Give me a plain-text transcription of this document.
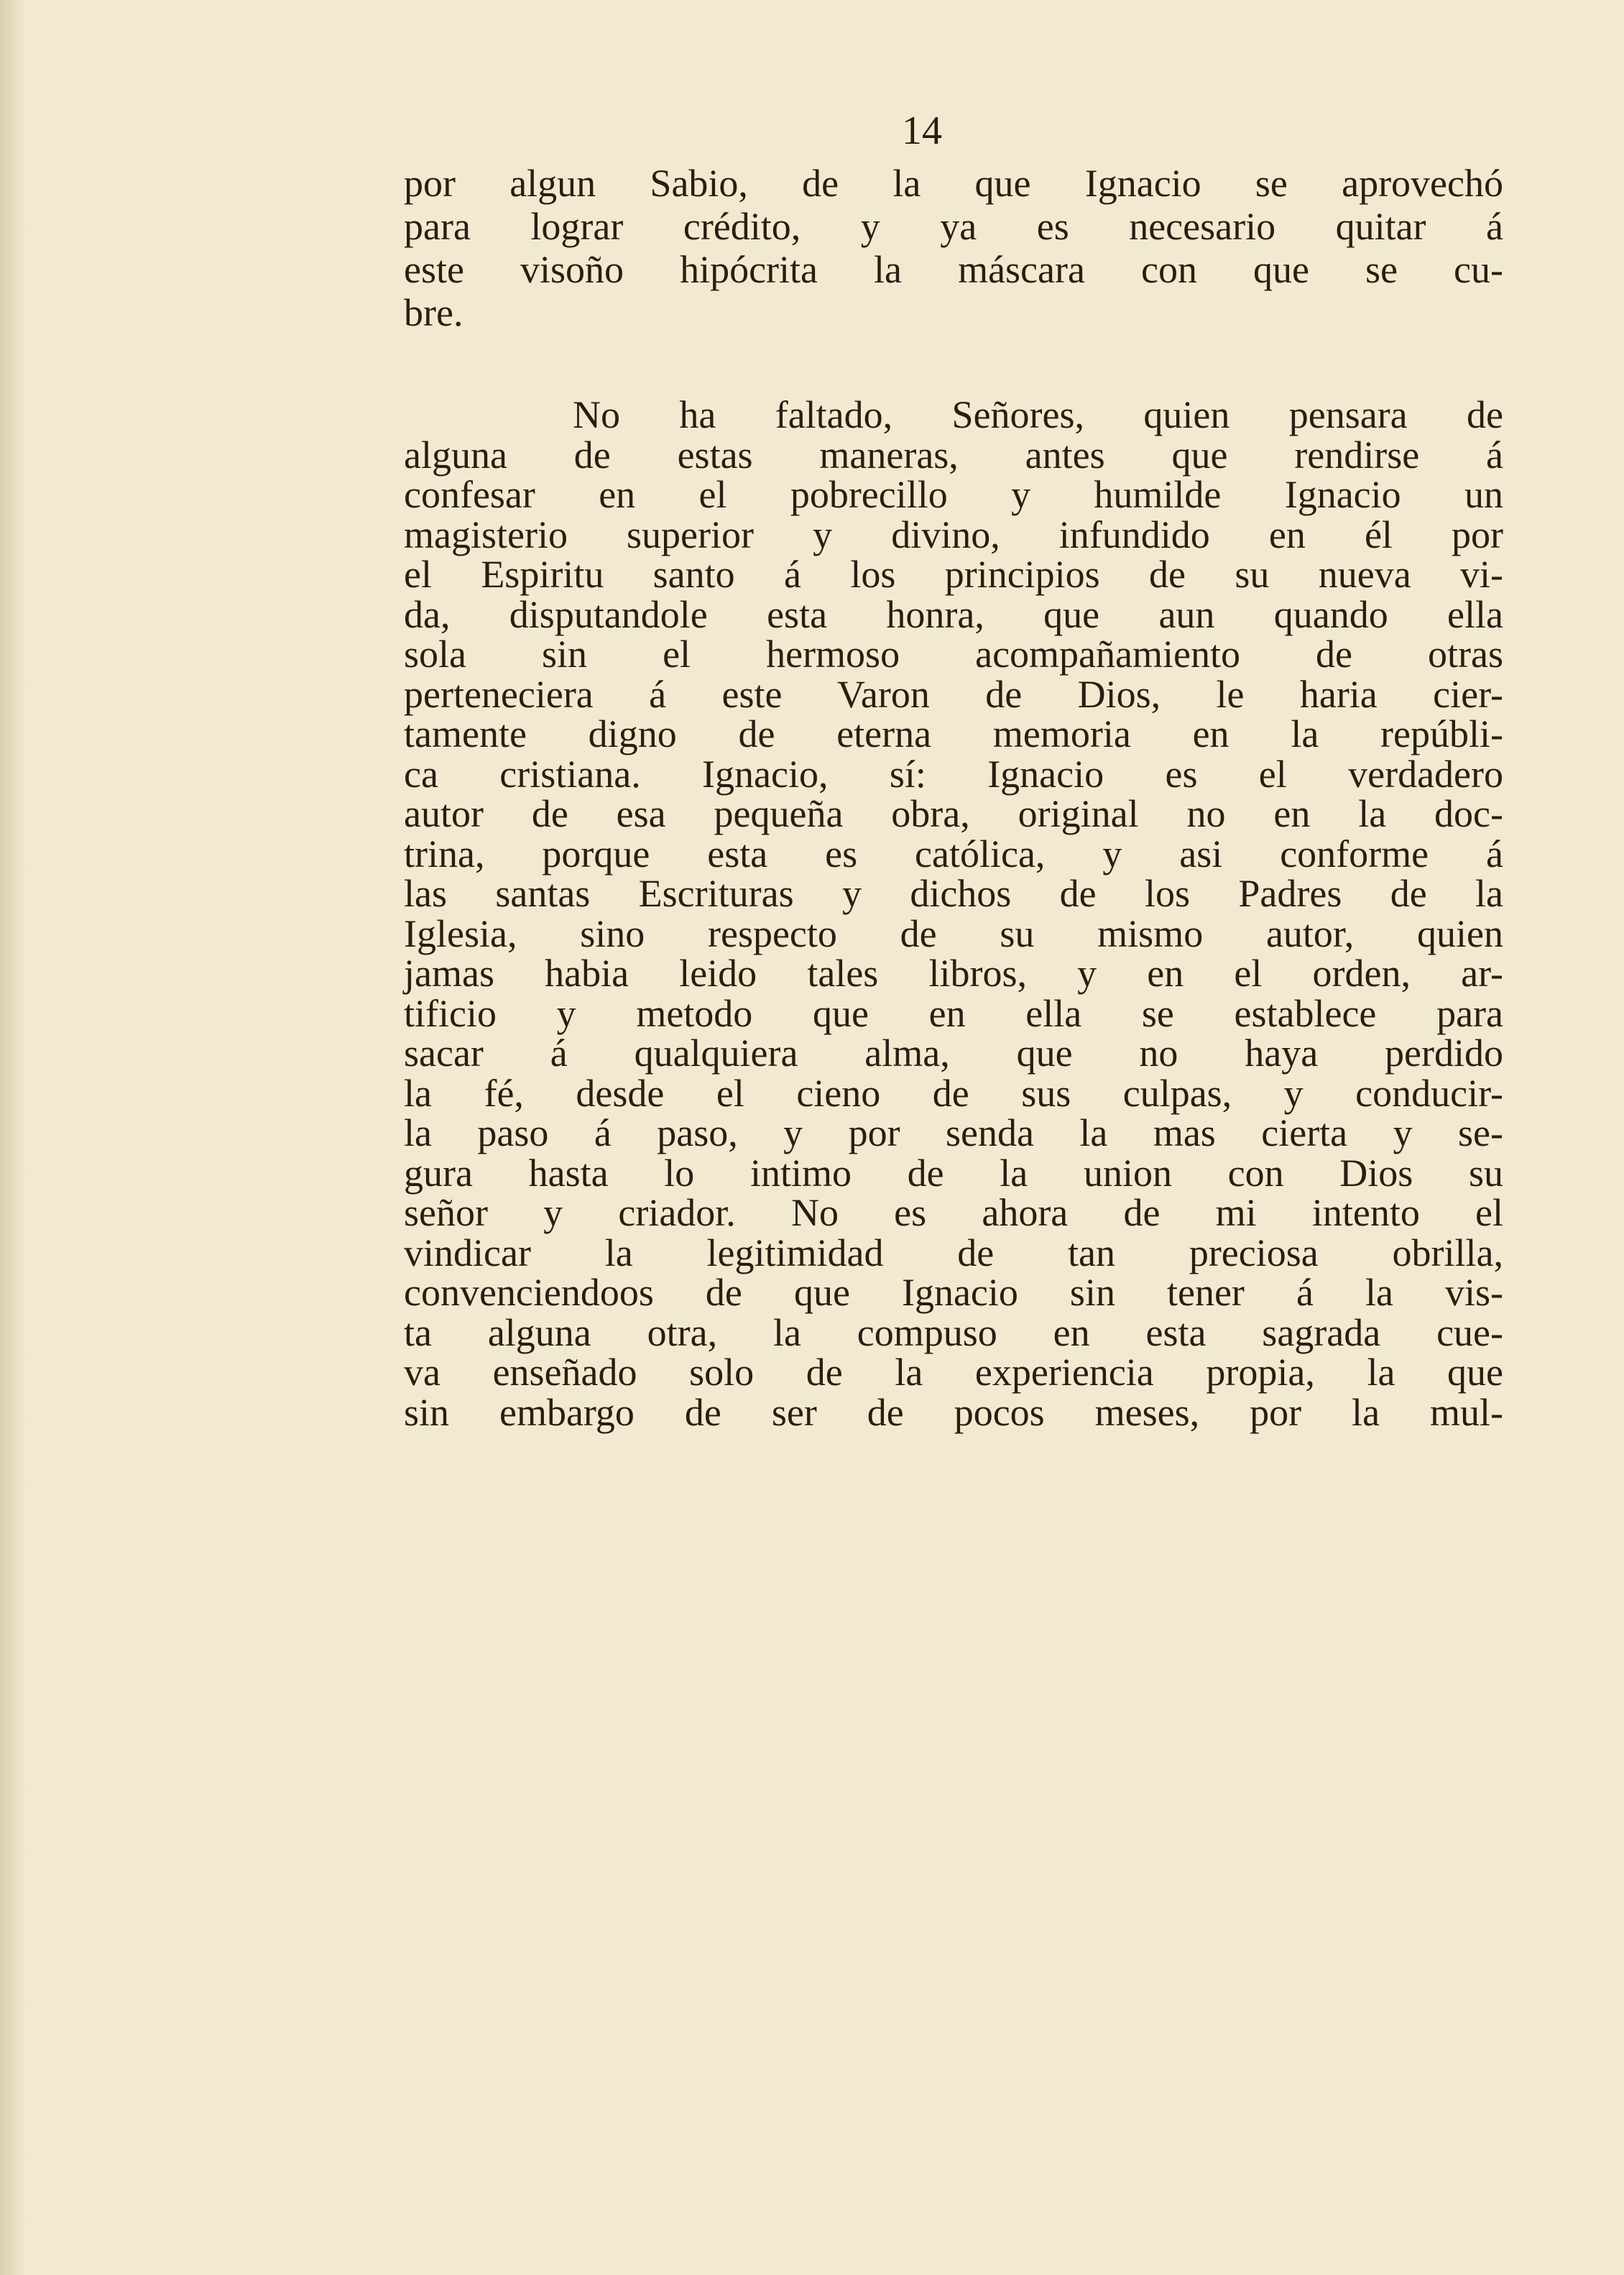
14
por algun Sabio, de la que Ignacio se aprovechó
para lograr crédito, y ya es necesario quitar á
este visoño hipócrita la máscara con que se cu-
bre.
No ha faltado, Señores, quien pensara de
alguna de estas maneras, antes que rendirse á
confesar en el pobrecillo y humilde Ignacio un
magisterio superior y divino, infundido en él por
el Espiritu santo á los principios de su nueva vi-
da, disputandole esta honra, que aun quando ella
sola sin el hermoso acompañamiento de otras
perteneciera á este Varon de Dios, le haria cier-
tamente digno de eterna memoria en la repúbli-
ca cristiana. Ignacio, sí: Ignacio es el verdadero
autor de esa pequeña obra, original no en la doc-
trina, porque esta es católica, y asi conforme á
las santas Escrituras y dichos de los Padres de la
Iglesia, sino respecto de su mismo autor, quien
jamas habia leido tales libros, y en el orden, ar-
tificio y metodo que en ella se establece para
sacar á qualquiera alma, que no haya perdido
la fé, desde el cieno de sus culpas, y conducir-
la paso á paso, y por senda la mas cierta y se-
gura hasta lo intimo de la union con Dios su
señor y criador. No es ahora de mi intento el
vindicar la legitimidad de tan preciosa obrilla,
convenciendoos de que Ignacio sin tener á la vis-
ta alguna otra, la compuso en esta sagrada cue-
va enseñado solo de la experiencia propia, la que
sin embargo de ser de pocos meses, por la mul-
